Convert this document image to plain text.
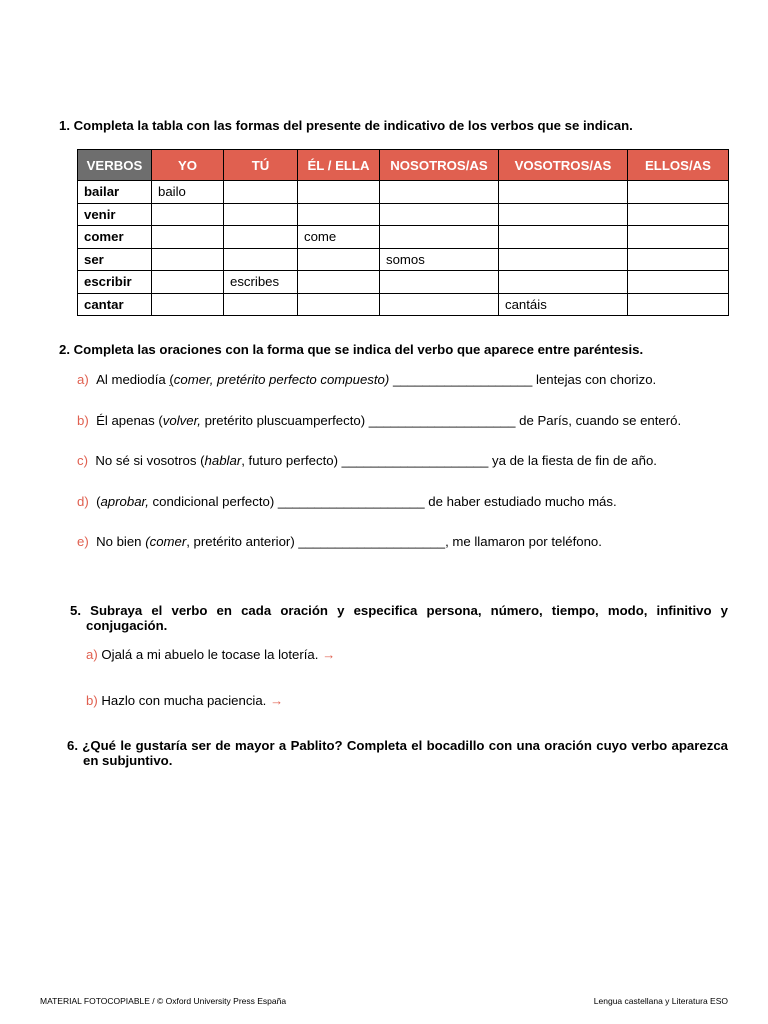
1. Completa la tabla con las formas del presente de indicativo de los verbos que se indican.
VERBOS	YO	TÚ	ÉL / ELLA	NOSOTROS/AS	VOSOTROS/AS	ELLOS/AS
bailar	bailo					
venir						
comer			come			
ser				somos		
escribir		escribes				
cantar					cantáis	
2. Completa las oraciones con la forma que se indica del verbo que aparece entre paréntesis.
a) Al mediodía (comer, pretérito perfecto compuesto) ___________________ lentejas con chorizo.
b) Él apenas (volver, pretérito pluscuamperfecto) ____________________ de París, cuando se enteró.
c) No sé si vosotros (hablar, futuro perfecto) ____________________ ya de la fiesta de fin de año.
d) (aprobar, condicional perfecto) ____________________ de haber estudiado mucho más.
e) No bien (comer, pretérito anterior) ____________________, me llamaron por teléfono.
5. Subraya el verbo en cada oración y especifica persona, número, tiempo, modo, infinitivo y conjugación.
a) Ojalá a mi abuelo le tocase la lotería. →
b) Hazlo con mucha paciencia. →
6. ¿Qué le gustaría ser de mayor a Pablito? Completa el bocadillo con una oración cuyo verbo aparezca en subjuntivo.
MATERIAL FOTOCOPIABLE / © Oxford University Press España	Lengua castellana y Literatura ESO
